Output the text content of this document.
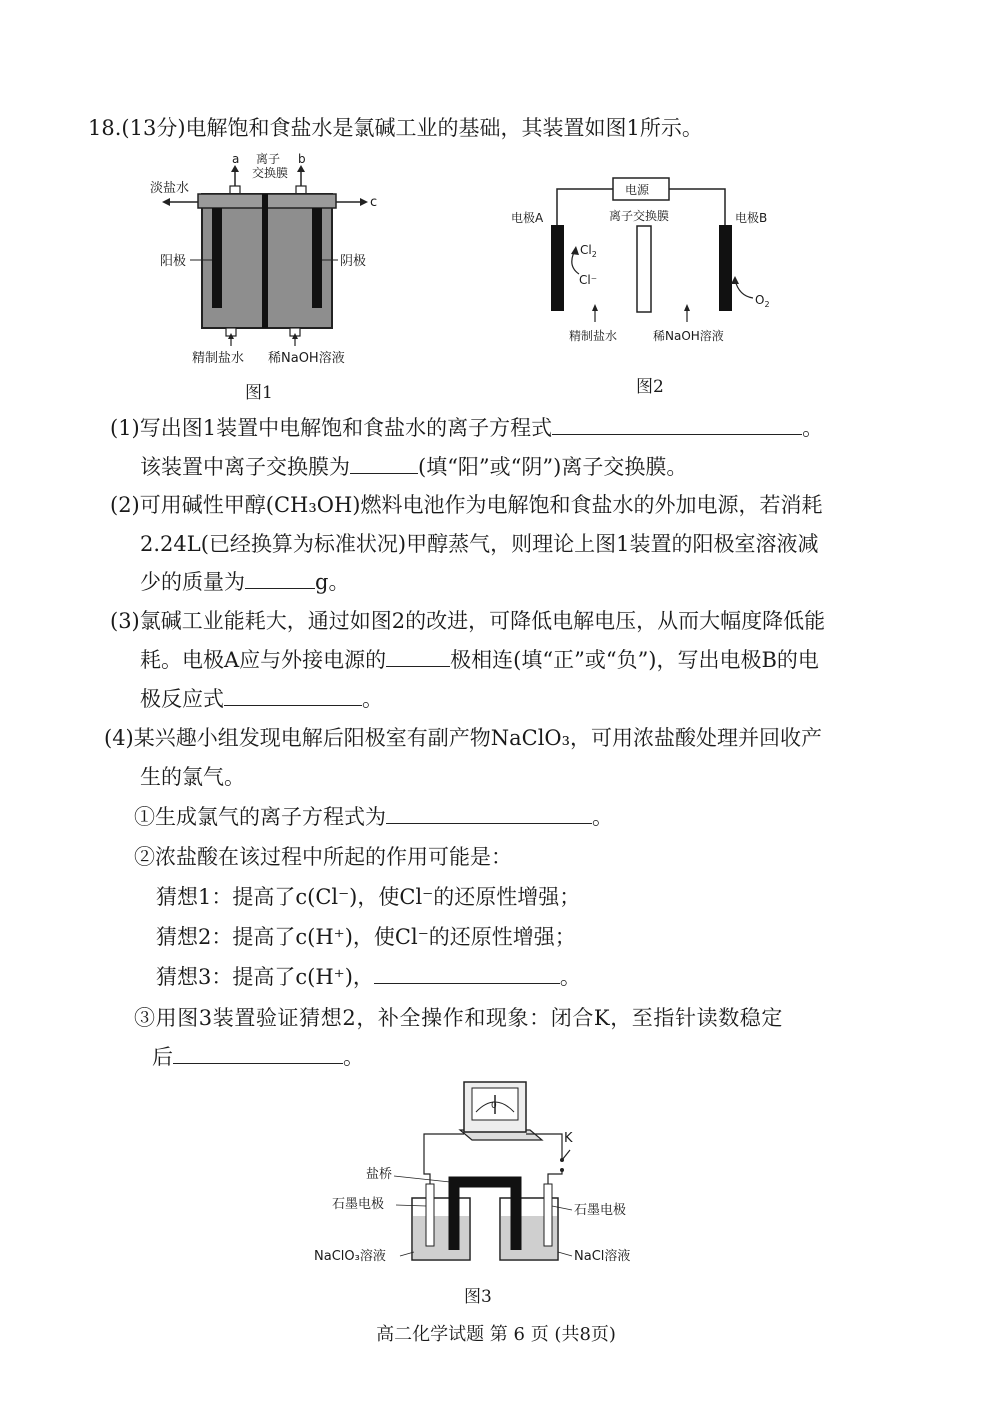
18.(13分)电解饱和食盐水是氯碱工业的基础，其装置如图1所示。
a 离子
交换膜
b
淡盐水
c
阳极	阴极
精制盐水 稀NaOH溶液
图1
电源
电极A	离子交换膜	电极B
$Cl_2$
Cl⁻
$O_2$
精制盐水	稀NaOH溶液
图2
(1)写出图1装置中电解饱和食盐水的离子方程式	。
该装置中离子交换膜为	(填“阳”或“阴”)离子交换膜。
(2)可用碱性甲醇(CH₃OH)燃料电池作为电解饱和食盐水的外加电源，若消耗
2.24L(已经换算为标准状况)甲醇蒸气，则理论上图1装置的阳极室溶液减
少的质量为	g。
(3)氯碱工业能耗大，通过如图2的改进，可降低电解电压，从而大幅度降低能
耗。电极A应与外接电源的	极相连(填“正”或“负”)，写出电极B的电
极反应式	。
(4)某兴趣小组发现电解后阳极室有副产物NaClO₃，可用浓盐酸处理并回收产
生的氯气。
①生成氯气的离子方程式为	。
②浓盐酸在该过程中所起的作用可能是：
猜想1：提高了c(Cl⁻)，使Cl⁻的还原性增强；
猜想2：提高了c(H⁺)，使Cl⁻的还原性增强；
猜想3：提高了c(H⁺)，	。
③用图3装置验证猜想2，补全操作和现象：闭合K，至指针读数稳定
后	。
0
K
盐桥
石墨电极	石墨电极
NaClO₃溶液	NaCl溶液
图3
高二化学试题 第 6 页 (共8页)
